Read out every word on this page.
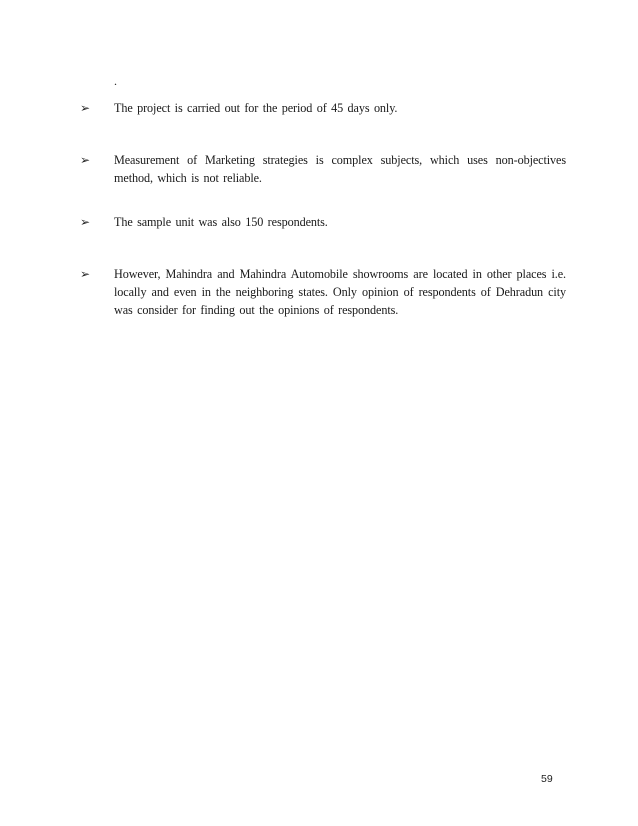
.
➢	The project is carried out for the period of 45 days only.
➢	Measurement of Marketing strategies is complex subjects, which uses non-objectives method, which is not reliable.
➢	The sample unit was also 150 respondents.
➢	However, Mahindra and Mahindra Automobile showrooms are located in other places i.e. locally and even in the neighboring states. Only opinion of respondents of Dehradun city was consider for finding out the opinions of respondents.
59
